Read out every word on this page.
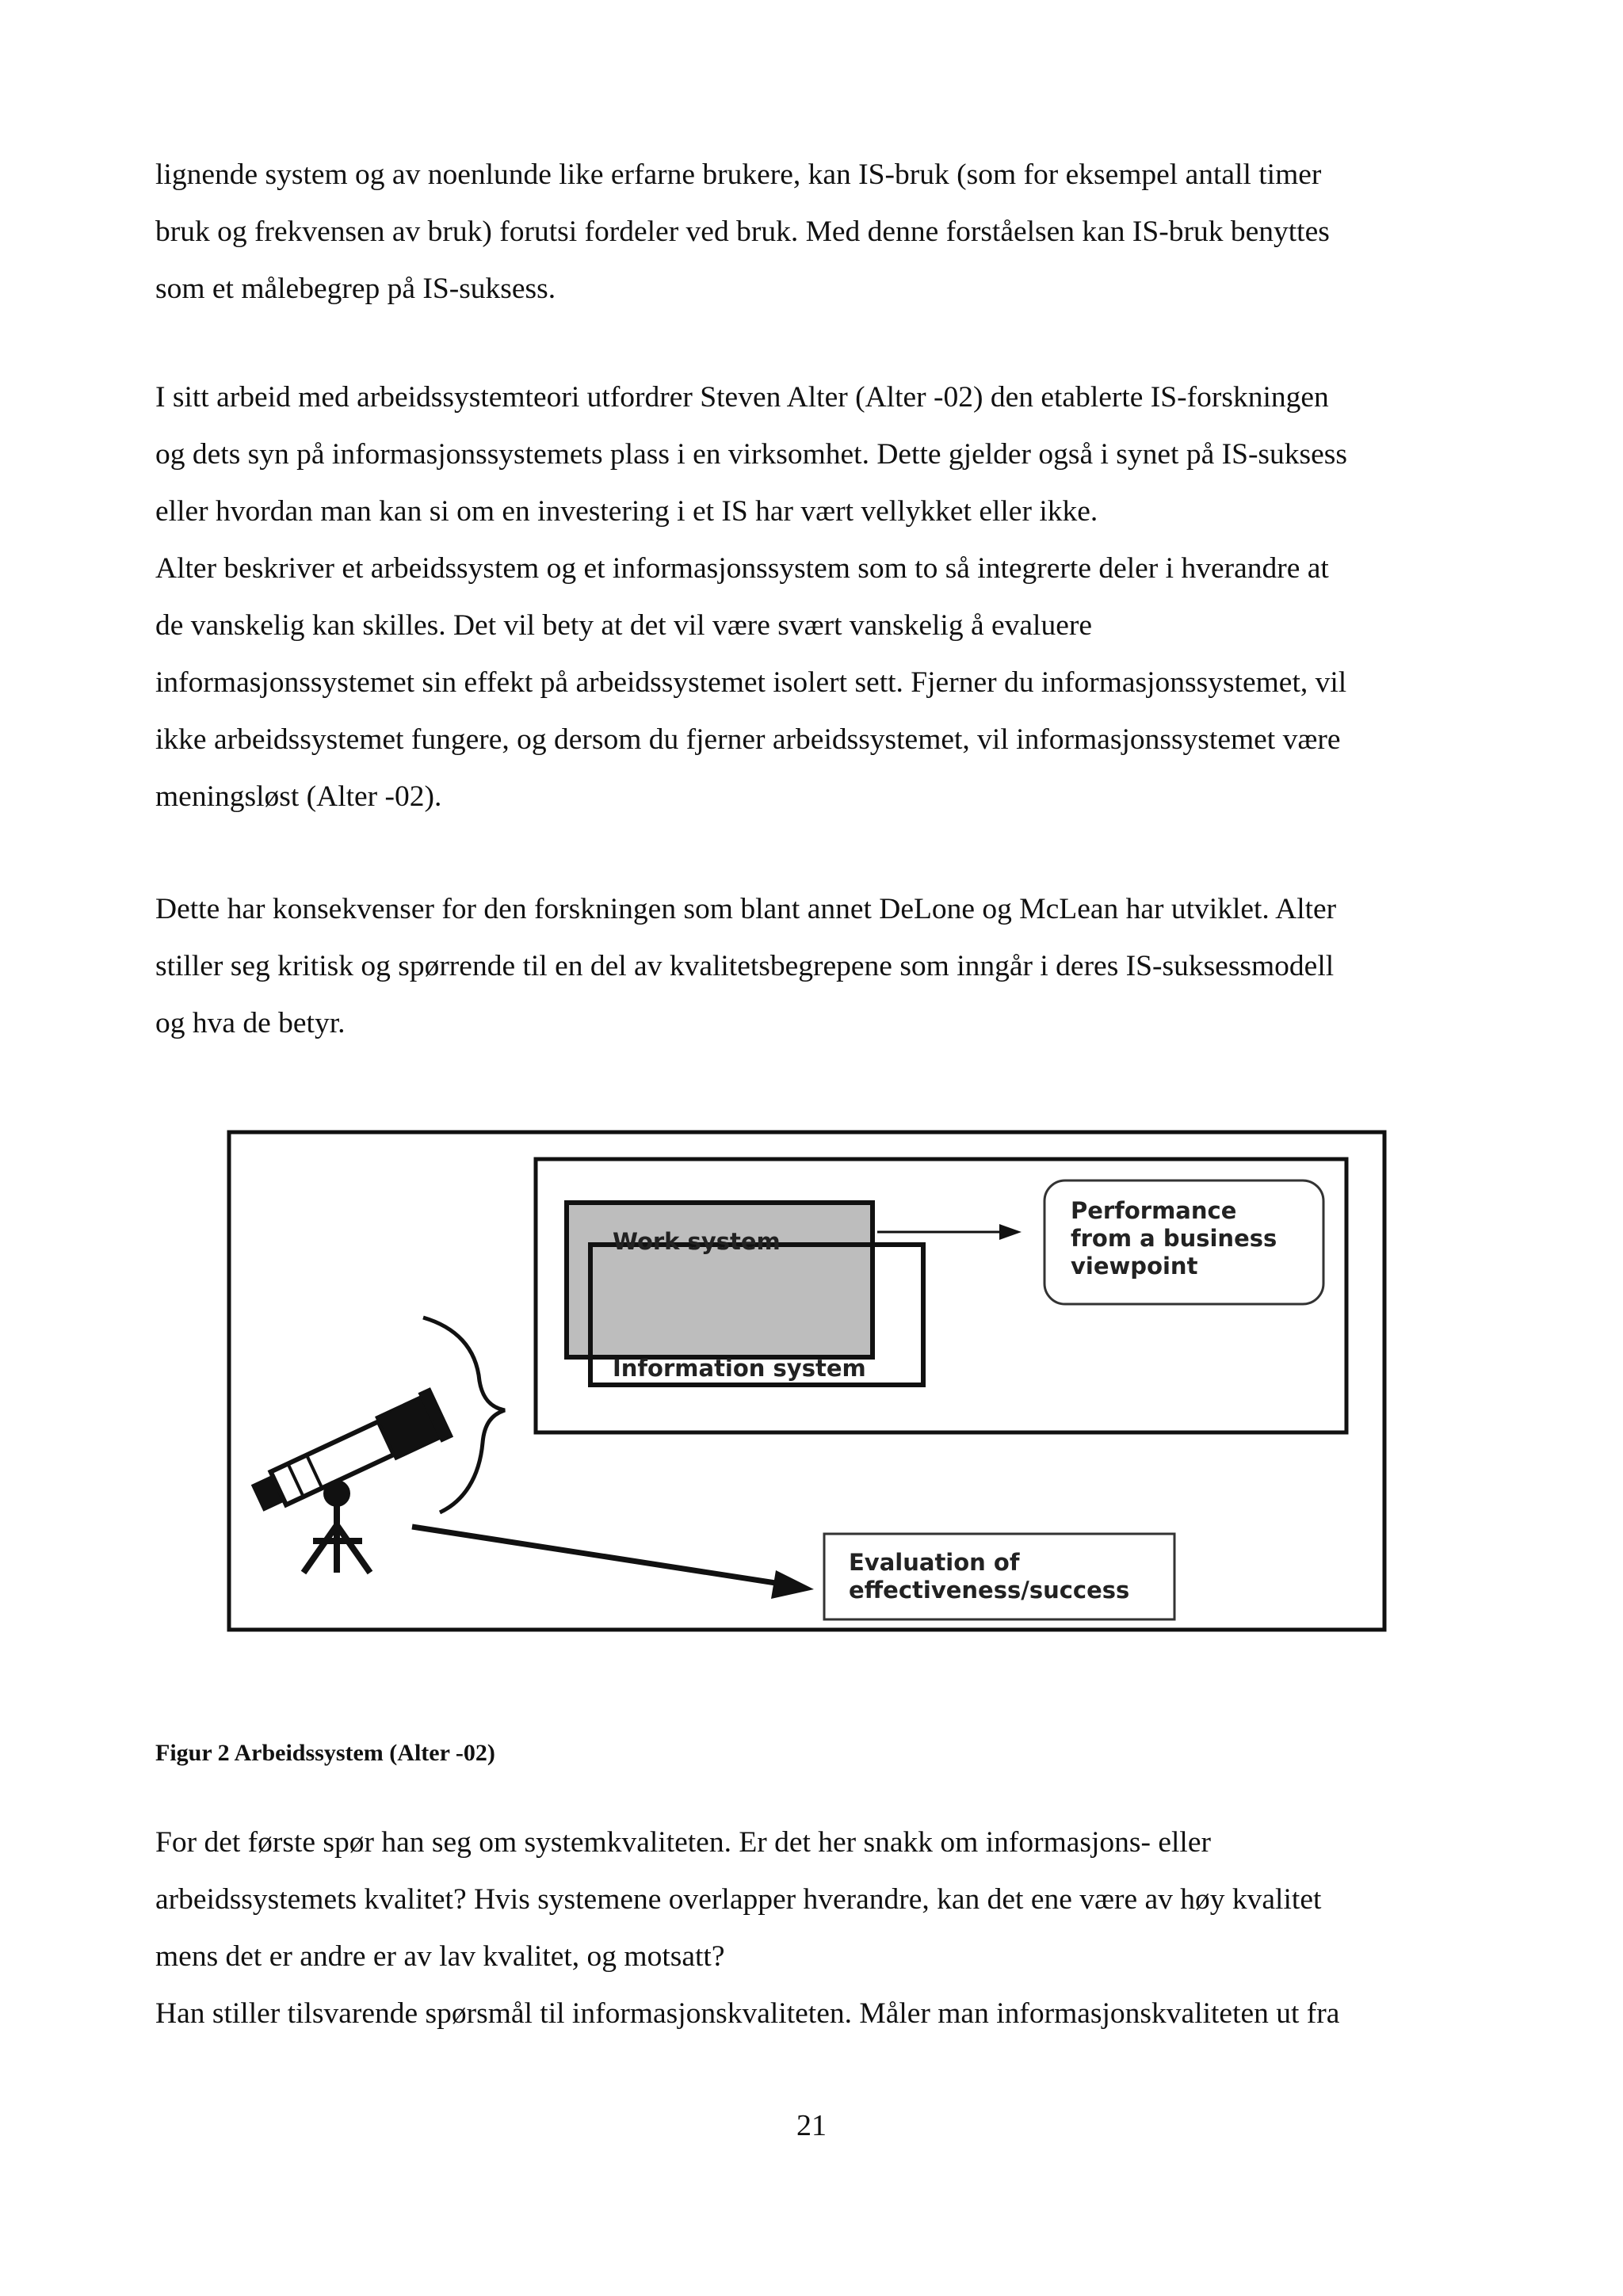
lignende system og av noenlunde like erfarne brukere, kan IS-bruk (som for eksempel antall timer

bruk og frekvensen av bruk) forutsi fordeler ved bruk. Med denne forståelsen kan IS-bruk benyttes

som et målebegrep på IS-suksess.

I sitt arbeid med arbeidssystemteori utfordrer Steven Alter (Alter -02) den etablerte IS-forskningen

og dets syn på informasjonssystemets plass i en virksomhet. Dette gjelder også i synet på IS-suksess

eller hvordan man kan si om en investering i et IS har vært vellykket eller ikke.

Alter beskriver et arbeidssystem og et informasjonssystem som to så integrerte deler i hverandre at

de vanskelig kan skilles. Det vil bety at det vil være svært vanskelig å evaluere

informasjonssystemet sin effekt på arbeidssystemet isolert sett. Fjerner du informasjonssystemet, vil

ikke arbeidssystemet fungere, og dersom du fjerner arbeidssystemet, vil informasjonssystemet være

meningsløst (Alter -02).

Dette har konsekvenser for den forskningen som blant annet DeLone og McLean har utviklet. Alter

stiller seg kritisk og spørrende til en del av kvalitetsbegrepene som inngår i deres IS-suksessmodell

og hva de betyr.

Work system
Information system
Performance
from a business
viewpoint
Evaluation of
effectiveness/success
Figur 2 Arbeidssystem (Alter -02)

For det første spør han seg om systemkvaliteten. Er det her snakk om informasjons- eller

arbeidssystemets kvalitet? Hvis systemene overlapper hverandre, kan det ene være av høy kvalitet

mens det er andre er av lav kvalitet, og motsatt?

Han stiller tilsvarende spørsmål til informasjonskvaliteten. Måler man informasjonskvaliteten ut fra

21
